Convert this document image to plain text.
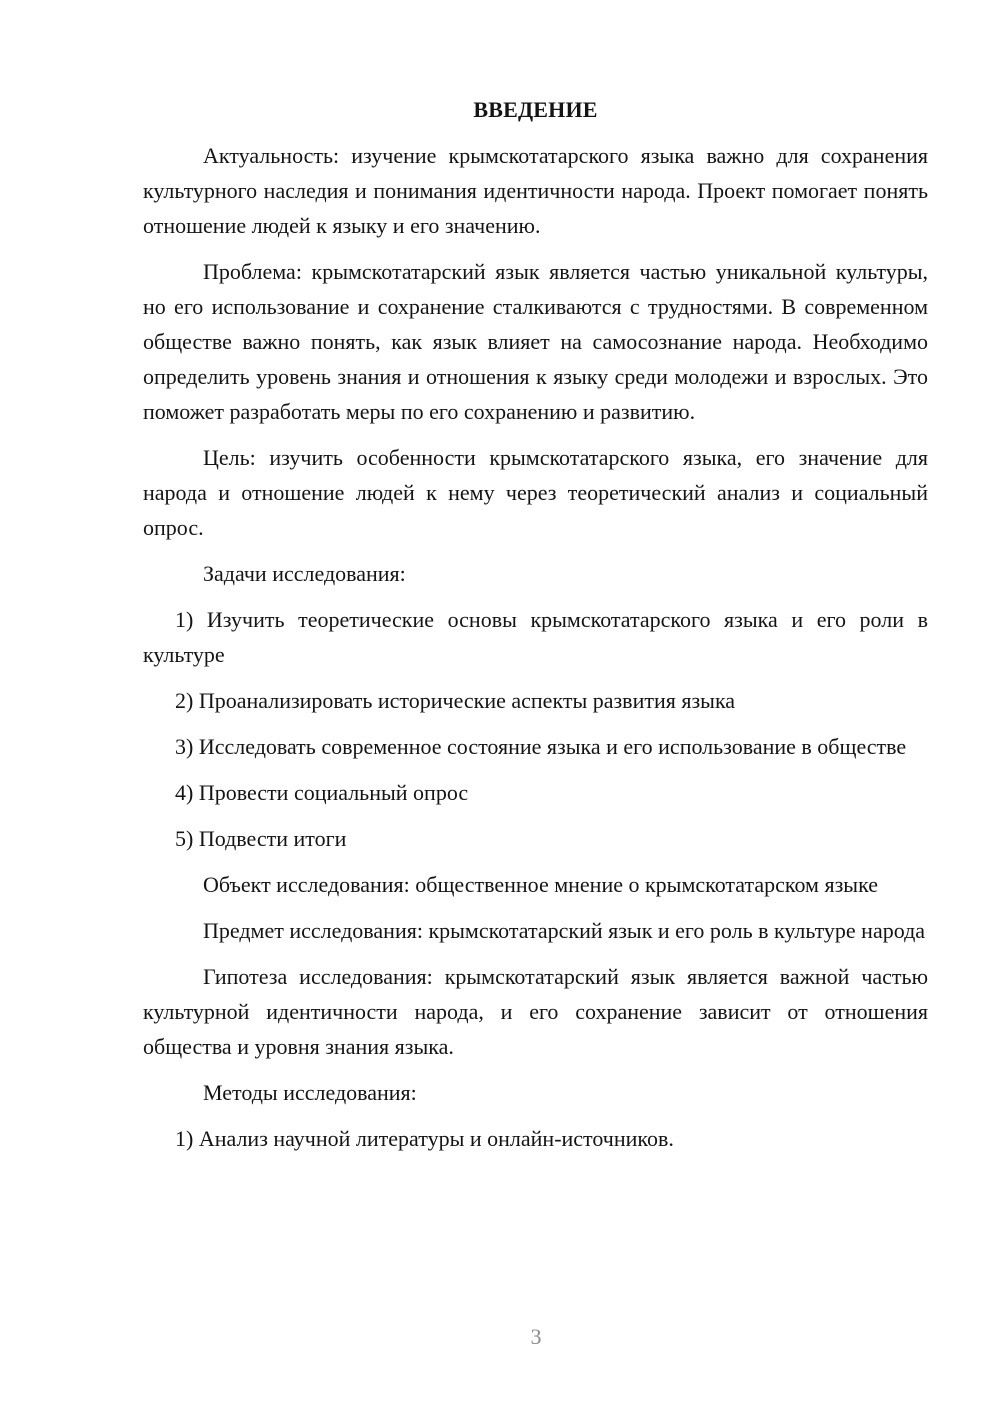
ВВЕДЕНИЕ

Актуальность: изучение крымскотатарского языка важно для сохранения культурного наследия и понимания идентичности народа. Проект помогает понять отношение людей к языку и его значению.

Проблема: крымскотатарский язык является частью уникальной культуры, но его использование и сохранение сталкиваются с трудностями. В современном обществе важно понять, как язык влияет на самосознание народа. Необходимо определить уровень знания и отношения к языку среди молодежи и взрослых. Это поможет разработать меры по его сохранению и развитию.

Цель: изучить особенности крымскотатарского языка, его значение для народа и отношение людей к нему через теоретический анализ и социальный опрос.

Задачи исследования:

1) Изучить теоретические основы крымскотатарского языка и его роли в культуре

2) Проанализировать исторические аспекты развития языка

3) Исследовать современное состояние языка и его использование в обществе

4) Провести социальный опрос

5) Подвести итоги

Объект исследования: общественное мнение о крымскотатарском языке

Предмет исследования: крымскотатарский язык и его роль в культуре народа

Гипотеза исследования: крымскотатарский язык является важной частью культурной идентичности народа, и его сохранение зависит от отношения общества и уровня знания языка.

Методы исследования:

1) Анализ научной литературы и онлайн-источников.

3
